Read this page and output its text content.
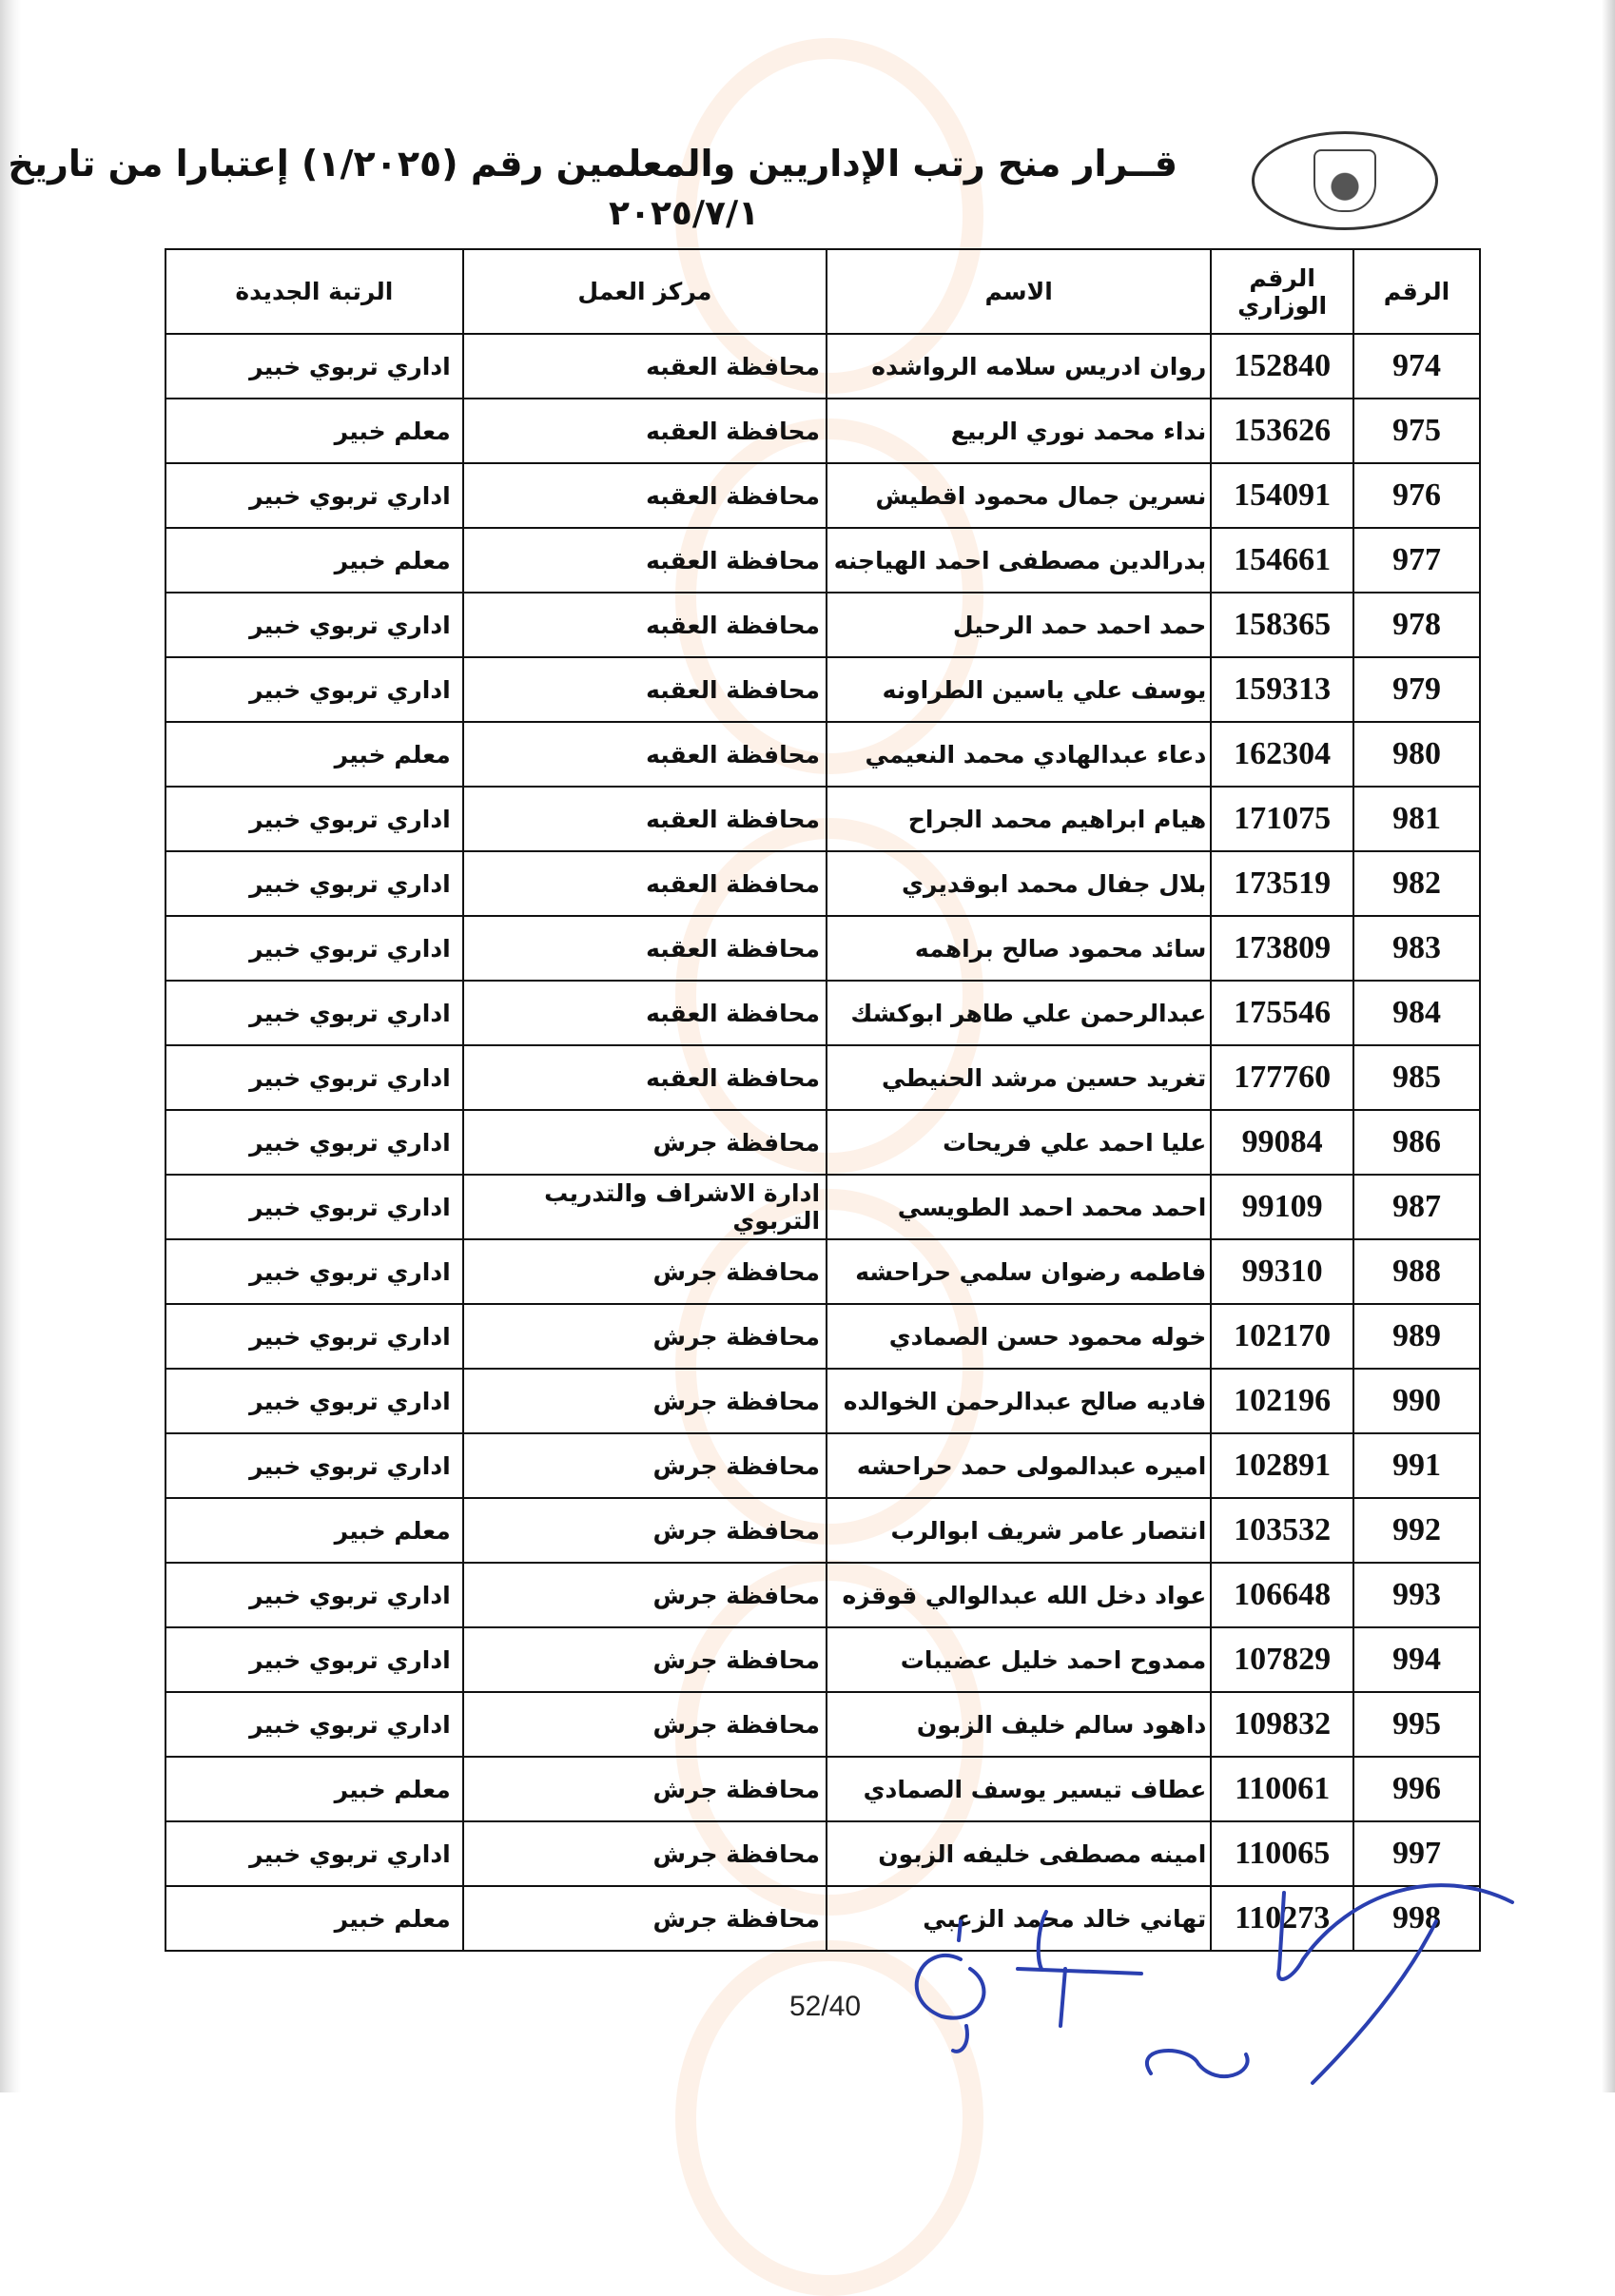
قــرار منح رتب الإداريين والمعلمين رقم (١/٢٠٢٥) إعتبارا من تاريخ
٢٠٢٥/٧/١
الرقم	الرقم الوزاري	الاسم	مركز العمل	الرتبة الجديدة
974	152840	روان ادريس سلامه الرواشده	محافظة العقبه	اداري تربوي خبير
975	153626	نداء محمد نوري الربيع	محافظة العقبه	معلم خبير
976	154091	نسرين جمال محمود اقطيش	محافظة العقبه	اداري تربوي خبير
977	154661	بدرالدين مصطفى احمد الهياجنه	محافظة العقبه	معلم خبير
978	158365	حمد احمد حمد الرحيل	محافظة العقبه	اداري تربوي خبير
979	159313	يوسف علي ياسين الطراونه	محافظة العقبه	اداري تربوي خبير
980	162304	دعاء عبدالهادي محمد النعيمي	محافظة العقبه	معلم خبير
981	171075	هيام ابراهيم محمد الجراح	محافظة العقبه	اداري تربوي خبير
982	173519	بلال جفال محمد ابوقديري	محافظة العقبه	اداري تربوي خبير
983	173809	سائد محمود صالح براهمه	محافظة العقبه	اداري تربوي خبير
984	175546	عبدالرحمن علي طاهر ابوكشك	محافظة العقبه	اداري تربوي خبير
985	177760	تغريد حسين مرشد الحنيطي	محافظة العقبه	اداري تربوي خبير
986	99084	عليا احمد علي فريحات	محافظة جرش	اداري تربوي خبير
987	99109	احمد محمد احمد الطويسي	ادارة الاشراف والتدريب التربوي	اداري تربوي خبير
988	99310	فاطمه رضوان سلمي حراحشه	محافظة جرش	اداري تربوي خبير
989	102170	خوله محمود حسن الصمادي	محافظة جرش	اداري تربوي خبير
990	102196	فاديه صالح عبدالرحمن الخوالده	محافظة جرش	اداري تربوي خبير
991	102891	اميره عبدالمولى حمد حراحشه	محافظة جرش	اداري تربوي خبير
992	103532	انتصار عامر شريف ابوالرب	محافظة جرش	معلم خبير
993	106648	عواد دخل الله عبدالوالي قوقزه	محافظة جرش	اداري تربوي خبير
994	107829	ممدوح احمد خليل عضيبات	محافظة جرش	اداري تربوي خبير
995	109832	داهود سالم خليف الزبون	محافظة جرش	اداري تربوي خبير
996	110061	عطاف تيسير يوسف الصمادي	محافظة جرش	معلم خبير
997	110065	امينه مصطفى خليفه الزبون	محافظة جرش	اداري تربوي خبير
998	110273	تهاني خالد محمد الزعبي	محافظة جرش	معلم خبير
52/40
